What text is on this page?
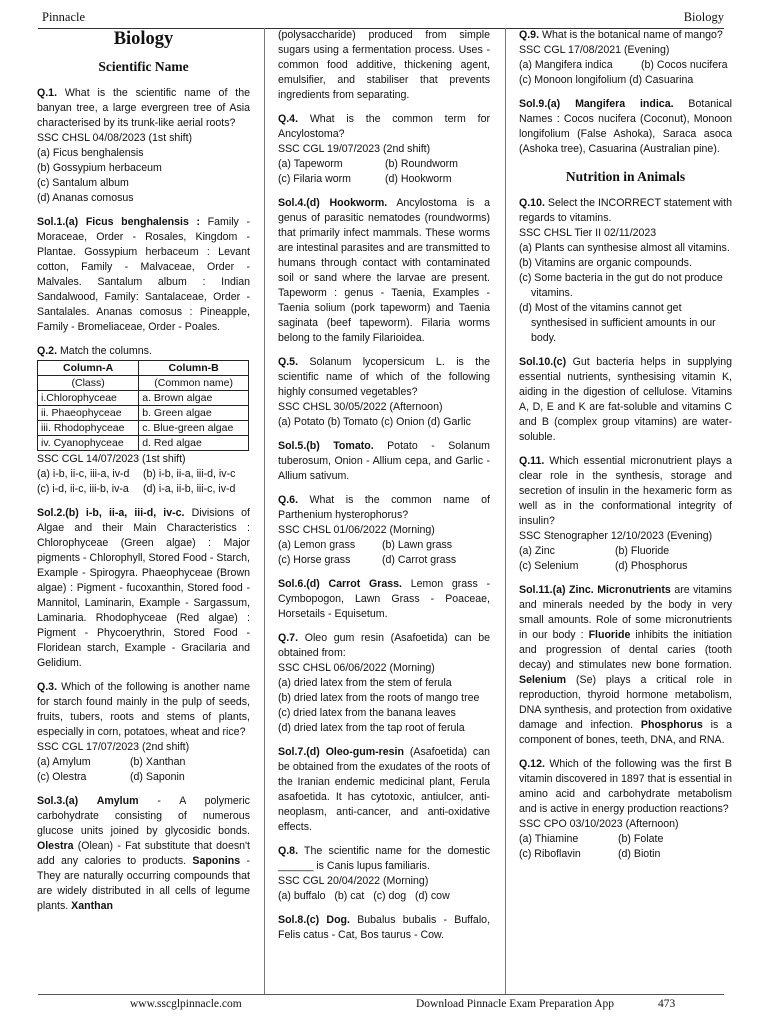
Pinnacle	Biology
Biology
Scientific Name

Q.1. What is the scientific name of the banyan tree, a large evergreen tree of Asia characterised by its trunk-like aerial roots?

SSC CHSL 04/08/2023 (1st shift)
(a) Ficus benghalensis
(b) Gossypium herbaceum
(c) Santalum album
(d) Ananas comosus

Sol.1.(a) Ficus benghalensis : Family - Moraceae, Order - Rosales, Kingdom - Plantae. Gossypium herbaceum : Levant cotton, Family - Malvaceae, Order - Malvales. Santalum album : Indian Sandalwood, Family: Santalaceae, Order - Santalales. Ananas comosus : Pineapple, Family - Bromeliaceae, Order - Poales.

Q.2. Match the columns.
Column-A	Column-B
(Class)	(Common name)
i.Chlorophyceae	a. Brown algae
ii. Phaeophyceae	b. Green algae
iii. Rhodophyceae	c. Blue-green algae
iv. Cyanophyceae	d. Red algae
SSC CGL 14/07/2023 (1st shift)
(a) i-b, ii-c, iii-a, iv-d	(b) i-b, ii-a, iii-d, iv-c
(c) i-d, ii-c, iii-b, iv-a	(d) i-a, ii-b, iii-c, iv-d

Sol.2.(b) i-b, ii-a, iii-d, iv-c. Divisions of Algae and their Main Characteristics : Chlorophyceae (Green algae) : Major pigments - Chlorophyll, Stored Food - Starch, Example - Spirogyra. Phaeophyceae (Brown algae) : Pigment - fucoxanthin, Stored food - Mannitol, Laminarin, Example - Sargassum, Laminaria. Rhodophyceae (Red algae) : Pigment - Phycoerythrin, Stored Food - Floridean starch, Example - Gracilaria and Gelidium.

Q.3. Which of the following is another name for starch found mainly in the pulp of seeds, fruits, tubers, roots and stems of plants, especially in corn, potatoes, wheat and rice?

SSC CGL 17/07/2023 (2nd shift)
(a) Amylum	(b) Xanthan
(c) Olestra	(d) Saponin

Sol.3.(a) Amylum - A polymeric carbohydrate consisting of numerous glucose units joined by glycosidic bonds. Olestra (Olean) - Fat substitute that doesn't add any calories to products. Saponins - They are naturally occurring compounds that are widely distributed in all cells of legume plants. Xanthan

(polysaccharide) produced from simple sugars using a fermentation process. Uses - common food additive, thickening agent, emulsifier, and stabiliser that prevents ingredients from separating.

Q.4. What is the common term for Ancylostoma?

SSC CGL 19/07/2023 (2nd shift)
(a) Tapeworm	(b) Roundworm
(c) Filaria worm	(d) Hookworm

Sol.4.(d) Hookworm. Ancylostoma is a genus of parasitic nematodes (roundworms) that primarily infect mammals. These worms are intestinal parasites and are transmitted to humans through contact with contaminated soil or sand where the larvae are present. Tapeworm : genus - Taenia, Examples - Taenia solium (pork tapeworm) and Taenia saginata (beef tapeworm). Filaria worms belong to the family Filarioidea.

Q.5. Solanum lycopersicum L. is the scientific name of which of the following highly consumed vegetables?

SSC CHSL 30/05/2022 (Afternoon)
(a) Potato (b) Tomato (c) Onion (d) Garlic

Sol.5.(b) Tomato. Potato - Solanum tuberosum, Onion - Allium cepa, and Garlic - Allium sativum.

Q.6. What is the common name of Parthenium hysterophorus?

SSC CHSL 01/06/2022 (Morning)
(a) Lemon grass	(b) Lawn grass
(c) Horse grass	(d) Carrot grass

Sol.6.(d) Carrot Grass. Lemon grass - Cymbopogon, Lawn Grass - Poaceae, Horsetails - Equisetum.

Q.7. Oleo gum resin (Asafoetida) can be obtained from:

SSC CHSL 06/06/2022 (Morning)
(a) dried latex from the stem of ferula
(b) dried latex from the roots of mango tree
(c) dried latex from the banana leaves
(d) dried latex from the tap root of ferula

Sol.7.(d) Oleo-gum-resin (Asafoetida) can be obtained from the exudates of the roots of the Iranian endemic medicinal plant, Ferula asafoetida. It has cytotoxic, antiulcer, anti-neoplasm, anti-cancer, and anti-oxidative effects.

Q.8. The scientific name for the domestic ______ is Canis lupus familiaris.

SSC CGL 20/04/2022 (Morning)
(a) buffalo   (b) cat   (c) dog   (d) cow

Sol.8.(c) Dog. Bubalus bubalis - Buffalo, Felis catus - Cat, Bos taurus - Cow.

Q.9. What is the botanical name of mango?

SSC CGL 17/08/2021 (Evening)
(a) Mangifera indica	(b) Cocos nucifera
(c) Monoon longifolium (d) Casuarina

Sol.9.(a) Mangifera indica. Botanical Names : Cocos nucifera (Coconut), Monoon longifolium (False Ashoka), Saraca asoca (Ashoka tree), Casuarina (Australian pine).

Nutrition in Animals

Q.10. Select the INCORRECT statement with regards to vitamins.

SSC CHSL Tier II 02/11/2023
(a) Plants can synthesise almost all vitamins.
(b) Vitamins are organic compounds.
(c) Some bacteria in the gut do not produce vitamins.
(d) Most of the vitamins cannot get synthesised in sufficient amounts in our body.

Sol.10.(c) Gut bacteria helps in supplying essential nutrients, synthesising vitamin K, aiding in the digestion of cellulose. Vitamins A, D, E and K are fat-soluble and vitamins C and B (complex group vitamins) are water- soluble.

Q.11. Which essential micronutrient plays a clear role in the synthesis, storage and secretion of insulin in the hexameric form as well as in the conformational integrity of insulin?

SSC Stenographer 12/10/2023 (Evening)
(a) Zinc	(b) Fluoride
(c) Selenium	(d) Phosphorus

Sol.11.(a) Zinc. Micronutrients are vitamins and minerals needed by the body in very small amounts. Role of some micronutrients in our body : Fluoride inhibits the initiation and progression of dental caries (tooth decay) and stimulates new bone formation. Selenium (Se) plays a critical role in reproduction, thyroid hormone metabolism, DNA synthesis, and protection from oxidative damage and infection. Phosphorus is a component of bones, teeth, DNA, and RNA.

Q.12. Which of the following was the first B vitamin discovered in 1897 that is essential in amino acid and carbohydrate metabolism and is active in energy production reactions?

SSC CPO 03/10/2023 (Afternoon)
(a) Thiamine	(b) Folate
(c) Riboflavin	(d) Biotin
www.sscglpinnacle.com	Download Pinnacle Exam Preparation App	473
